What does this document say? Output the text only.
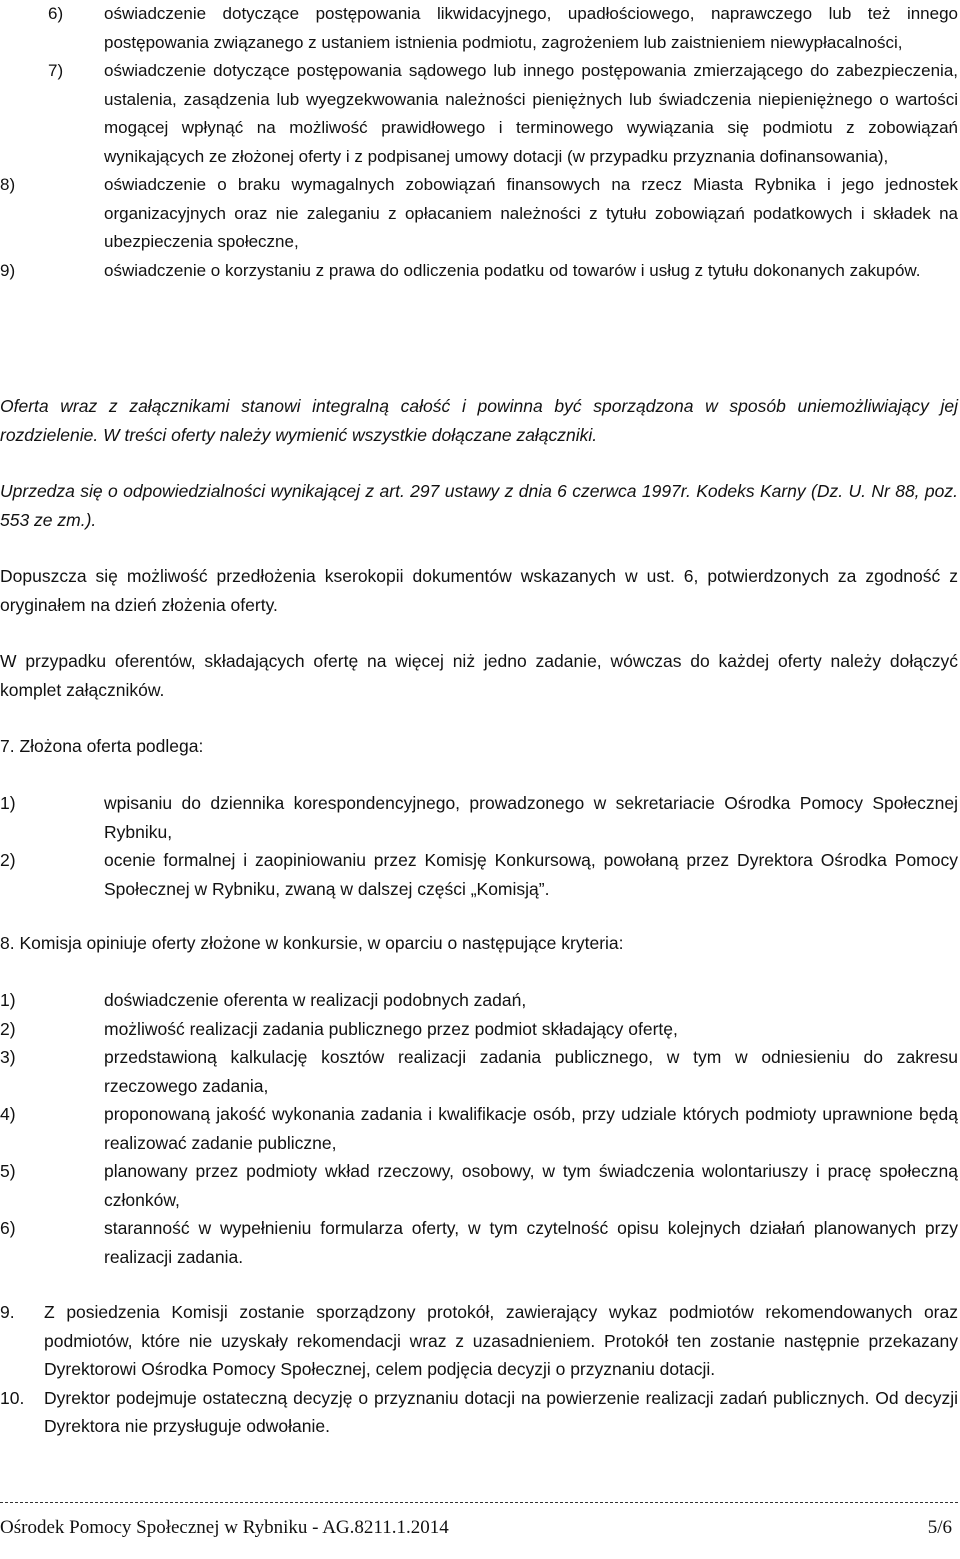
6)	oświadczenie dotyczące postępowania likwidacyjnego, upadłościowego, naprawczego lub też innego postępowania związanego z ustaniem istnienia podmiotu, zagrożeniem lub zaistnieniem niewypłacalności,
7)	oświadczenie dotyczące postępowania sądowego lub innego postępowania zmierzającego do zabezpieczenia, ustalenia, zasądzenia lub wyegzekwowania należności pieniężnych lub świadczenia niepieniężnego o wartości mogącej wpłynąć na możliwość prawidłowego i terminowego wywiązania się podmiotu z zobowiązań wynikających ze złożonej oferty i z podpisanej umowy dotacji (w przypadku przyznania dofinansowania),
8)	oświadczenie o braku wymagalnych zobowiązań finansowych na rzecz Miasta Rybnika i jego jednostek organizacyjnych oraz nie zaleganiu z opłacaniem należności z tytułu zobowiązań podatkowych i składek na ubezpieczenia społeczne,
9)	oświadczenie o korzystaniu z prawa do odliczenia podatku od towarów i usług z tytułu dokonanych zakupów.

Oferta wraz z załącznikami stanowi integralną całość i powinna być sporządzona w sposób uniemożliwiający jej rozdzielenie. W treści oferty należy wymienić wszystkie dołączane załączniki.

Uprzedza się o odpowiedzialności wynikającej z art. 297 ustawy z dnia 6 czerwca 1997r. Kodeks Karny (Dz. U. Nr 88, poz. 553 ze zm.).

Dopuszcza się możliwość przedłożenia kserokopii dokumentów wskazanych w ust. 6, potwierdzonych za zgodność z oryginałem na dzień złożenia oferty.

W przypadku oferentów, składających ofertę na więcej niż jedno zadanie, wówczas do każdej oferty należy dołączyć komplet załączników.

7. Złożona oferta podlega:

1)	wpisaniu do dziennika korespondencyjnego, prowadzonego w sekretariacie Ośrodka Pomocy Społecznej Rybniku,
2)	ocenie formalnej i zaopiniowaniu przez Komisję Konkursową, powołaną przez Dyrektora Ośrodka Pomocy Społecznej w Rybniku, zwaną w dalszej części „Komisją”.

8. Komisja opiniuje oferty złożone w konkursie, w oparciu o następujące kryteria:

1)	doświadczenie oferenta w realizacji podobnych zadań,
2)	możliwość realizacji zadania publicznego przez podmiot składający ofertę,
3)	przedstawioną kalkulację kosztów realizacji zadania publicznego, w tym w odniesieniu do zakresu rzeczowego zadania,
4)	proponowaną jakość wykonania zadania i kwalifikacje osób, przy udziale których podmioty uprawnione będą realizować zadanie publiczne,
5)	planowany przez podmioty wkład rzeczowy, osobowy, w tym świadczenia wolontariuszy i pracę społeczną członków,
6)	staranność w wypełnieniu formularza oferty, w tym czytelność opisu kolejnych działań planowanych przy realizacji zadania.
9. Z posiedzenia Komisji zostanie sporządzony protokół, zawierający wykaz podmiotów rekomendowanych oraz podmiotów, które nie uzyskały rekomendacji wraz z uzasadnieniem. Protokół ten zostanie następnie przekazany Dyrektorowi Ośrodka Pomocy Społecznej, celem podjęcia decyzji o przyznaniu dotacji.
10. Dyrektor podejmuje ostateczną decyzję o przyznaniu dotacji na powierzenie realizacji zadań publicznych. Od decyzji Dyrektora nie przysługuje odwołanie.
Ośrodek Pomocy Społecznej w Rybniku - AG.8211.1.2014	5/6
